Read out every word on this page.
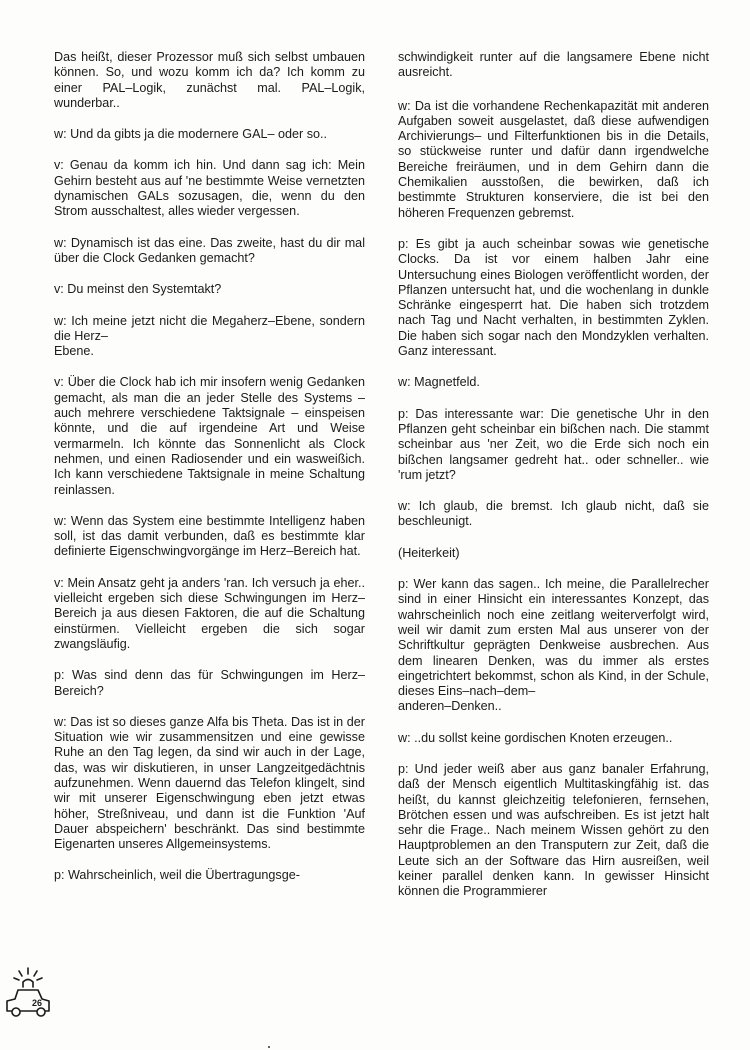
Das heißt, dieser Prozessor muß sich selbst umbauen können. So, und wozu komm ich da? Ich komm zu einer PAL–Logik, zunächst mal. PAL–Logik, wunderbar..

w: Und da gibts ja die modernere GAL– oder so..

v: Genau da komm ich hin. Und dann sag ich: Mein Gehirn besteht aus auf 'ne bestimmte Weise vernetzten dynamischen GALs sozusagen, die, wenn du den Strom ausschaltest, alles wieder vergessen.

w: Dynamisch ist das eine. Das zweite, hast du dir mal über die Clock Gedanken gemacht?

v: Du meinst den Systemtakt?

w: Ich meine jetzt nicht die Megaherz–Ebene, sondern die Herz–
Ebene.

v: Über die Clock hab ich mir insofern wenig Gedanken gemacht, als man die an jeder Stelle des Systems – auch mehrere verschiedene Taktsignale – einspeisen könnte, und die auf irgendeine Art und Weise vermarmeln. Ich könnte das Sonnenlicht als Clock nehmen, und einen Radiosender und ein wasweißich. Ich kann verschiedene Taktsignale in meine Schaltung reinlassen.

w: Wenn das System eine bestimmte Intelligenz haben soll, ist das damit verbunden, daß es bestimmte klar definierte Eigenschwingvorgänge im Herz–Bereich hat.

v: Mein Ansatz geht ja anders 'ran. Ich versuch ja eher.. vielleicht ergeben sich diese Schwingungen im Herz–Bereich ja aus diesen Faktoren, die auf die Schaltung einstürmen. Vielleicht ergeben die sich sogar zwangsläufig.

p: Was sind denn das für Schwingungen im Herz–Bereich?

w: Das ist so dieses ganze Alfa bis Theta. Das ist in der Situation wie wir zusammensitzen und eine gewisse Ruhe an den Tag legen, da sind wir auch in der Lage, das, was wir diskutieren, in unser Langzeitgedächtnis aufzunehmen. Wenn dauernd das Telefon klingelt, sind wir mit unserer Eigenschwingung eben jetzt etwas höher, Streßniveau, und dann ist die Funktion 'Auf Dauer abspeichern' beschränkt. Das sind bestimmte Eigenarten unseres Allgemeinsystems.

p: Wahrscheinlich, weil die Übertragungsge-

schwindigkeit runter auf die langsamere Ebene nicht ausreicht.

w: Da ist die vorhandene Rechenkapazität mit anderen Aufgaben soweit ausgelastet, daß diese aufwendigen Archivierungs– und Filterfunktionen bis in die Details, so stückweise runter und dafür dann irgendwelche Bereiche freiräumen, und in dem Gehirn dann die Chemikalien ausstoßen, die bewirken, daß ich bestimmte Strukturen konserviere, die ist bei den höheren Frequenzen gebremst.

p: Es gibt ja auch scheinbar sowas wie genetische Clocks. Da ist vor einem halben Jahr eine Untersuchung eines Biologen veröffentlicht worden, der Pflanzen untersucht hat, und die wochenlang in dunkle Schränke eingesperrt hat. Die haben sich trotzdem nach Tag und Nacht verhalten, in bestimmten Zyklen. Die haben sich sogar nach den Mondzyklen verhalten. Ganz interessant.

w: Magnetfeld.

p: Das interessante war: Die genetische Uhr in den Pflanzen geht scheinbar ein bißchen nach. Die stammt scheinbar aus 'ner Zeit, wo die Erde sich noch ein bißchen langsamer gedreht hat.. oder schneller.. wie 'rum jetzt?

w: Ich glaub, die bremst. Ich glaub nicht, daß sie beschleunigt.

(Heiterkeit)

p: Wer kann das sagen.. Ich meine, die Parallelrecher sind in einer Hinsicht ein interessantes Konzept, das wahrscheinlich noch eine zeitlang weiterverfolgt wird, weil wir damit zum ersten Mal aus unserer von der Schriftkultur geprägten Denkweise ausbrechen. Aus dem linearen Denken, was du immer als erstes eingetrichtert bekommst, schon als Kind, in der Schule, dieses Eins–nach–dem–
anderen–Denken..

w: ..du sollst keine gordischen Knoten erzeugen..

p: Und jeder weiß aber aus ganz banaler Erfahrung, daß der Mensch eigentlich Multitaskingfähig ist. das heißt, du kannst gleichzeitig telefonieren, fernsehen, Brötchen essen und was aufschreiben. Es ist jetzt halt sehr die Frage.. Nach meinem Wissen gehört zu den Hauptproblemen an den Transputern zur Zeit, daß die Leute sich an der Software das Hirn ausreißen, weil keiner parallel denken kann. In gewisser Hinsicht können die Programmierer

26
